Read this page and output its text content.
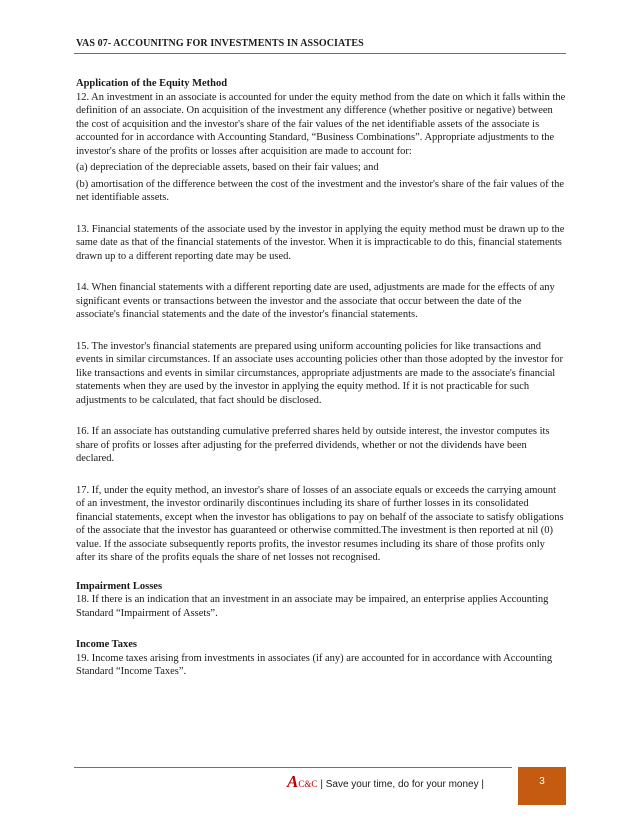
VAS 07- ACCOUNITNG FOR INVESTMENTS IN ASSOCIATES

Application of the Equity Method

12. An investment in an associate is accounted for under the equity method from the date on which it falls within the definition of an associate. On acquisition of the investment any difference (whether positive or negative) between the cost of acquisition and the investor's share of the fair values of the net identifiable assets of the associate is accounted for in accordance with Accounting Standard, “Business Combinations”. Appropriate adjustments to the investor's share of the profits or losses after acquisition are made to account for:

(a) depreciation of the depreciable assets, based on their fair values; and

(b) amortisation of the difference between the cost of the investment and the investor's share of the fair values of the net identifiable assets.

13. Financial statements of the associate used by the investor in applying the equity method must be drawn up to the same date as that of the financial statements of the investor. When it is impracticable to do this, financial statements drawn up to a different reporting date may be used.

14. When financial statements with a different reporting date are used, adjustments are made for the effects of any significant events or transactions between the investor and the associate that occur between the date of the associate's financial statements and the date of the investor's financial statements.

15. The investor's financial statements are prepared using uniform accounting policies for like transactions and events in similar circumstances. If an associate uses accounting policies other than those adopted by the investor for like transactions and events in similar circumstances, appropriate adjustments are made to the associate's financial statements when they are used by the investor in applying the equity method. If it is not practicable for such adjustments to be calculated, that fact should be disclosed.

16. If an associate has outstanding cumulative preferred shares held by outside interest, the investor computes its share of profits or losses after adjusting for the preferred dividends, whether or not the dividends have been declared.

17. If, under the equity method, an investor's share of losses of an associate equals or exceeds the carrying amount of an investment, the investor ordinarily discontinues including its share of further losses in its consolidated financial statements, except when the investor has obligations to pay on behalf of the associate to satisfy obligations of the associate that the investor has guaranteed or otherwise committed.The investment is then reported at nil (0) value. If the associate subsequently reports profits, the investor resumes including its share of those profits only after its share of the profits equals the share of net losses not recognised.

Impairment Losses

18. If there is an indication that an investment in an associate may be impaired, an enterprise applies Accounting Standard “Impairment of Assets”.

Income Taxes

19. Income taxes arising from investments in associates (if any) are accounted for in accordance with Accounting Standard “Income Taxes”.

AC&C | Save your time, do for your money |	3
